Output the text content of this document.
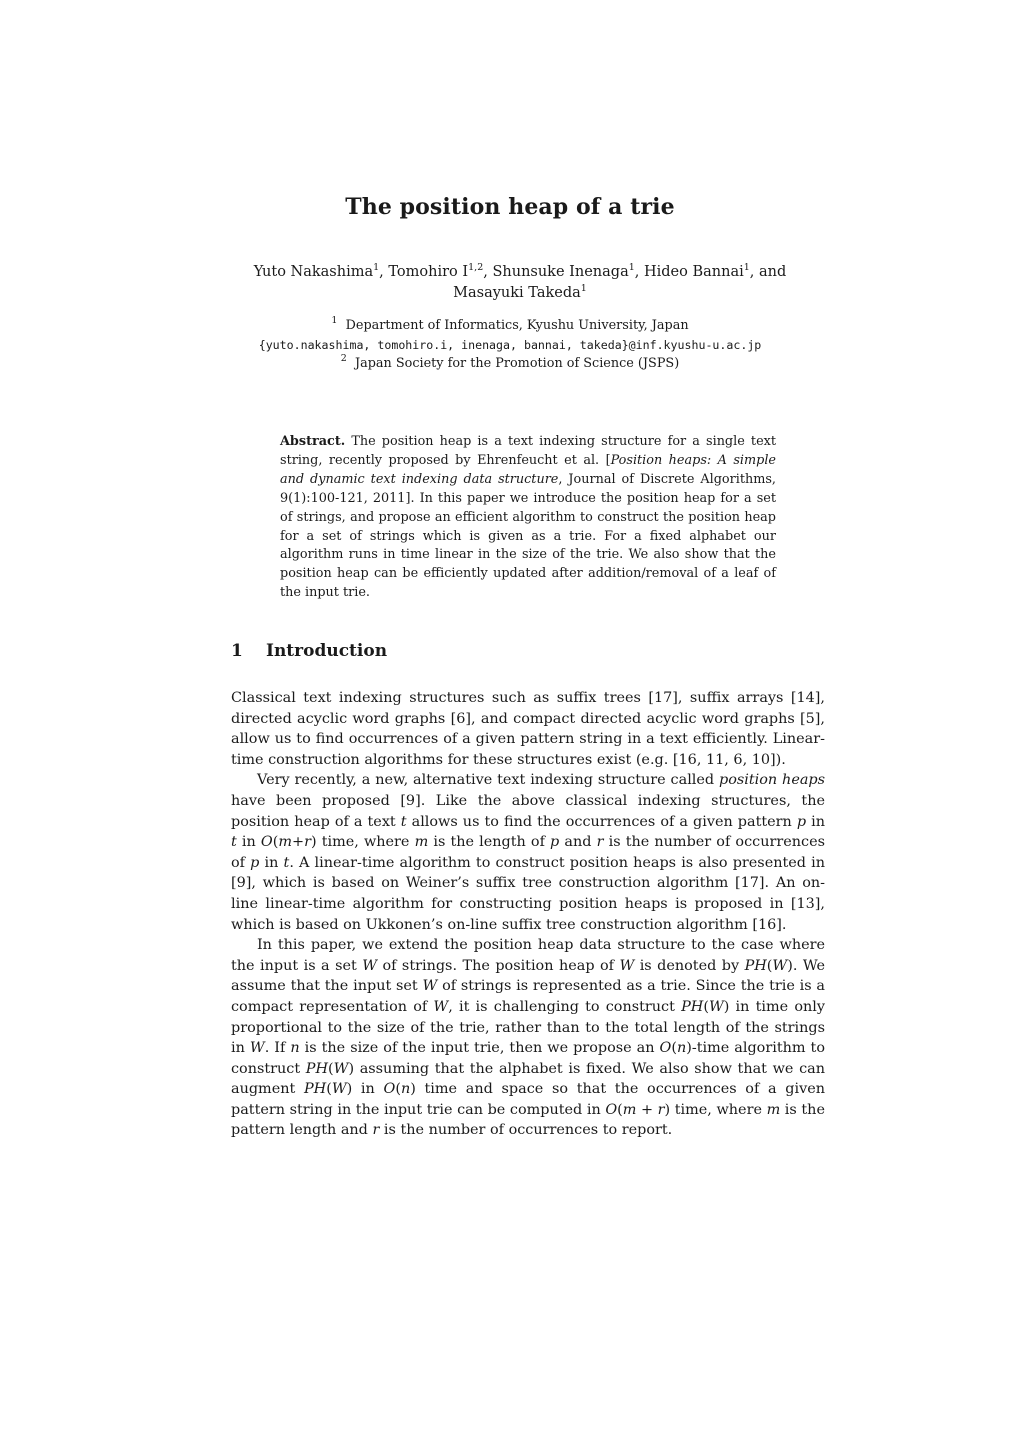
The position heap of a trie
Yuto Nakashima$^1$, Tomohiro I$^{1,2}$, Shunsuke Inenaga$^1$, Hideo Bannai$^1$, and
Masayuki Takeda$^1$
$^1$ Department of Informatics, Kyushu University, Japan
{yuto.nakashima, tomohiro.i, inenaga, bannai, takeda}@inf.kyushu-u.ac.jp
$^2$ Japan Society for the Promotion of Science (JSPS)
Abstract. The position heap is a text indexing structure for a single text string, recently proposed by Ehrenfeucht et al. [Position heaps: A simple and dynamic text indexing data structure, Journal of Discrete Algorithms, 9(1):100-121, 2011]. In this paper we introduce the position heap for a set of strings, and propose an efficient algorithm to construct the position heap for a set of strings which is given as a trie. For a fixed alphabet our algorithm runs in time linear in the size of the trie. We also show that the position heap can be efficiently updated after addition/removal of a leaf of the input trie.
1 Introduction

Classical text indexing structures such as suffix trees [17], suffix arrays [14], directed acyclic word graphs [6], and compact directed acyclic word graphs [5], allow us to find occurrences of a given pattern string in a text efficiently. Linear-time construction algorithms for these structures exist (e.g. [16, 11, 6, 10]).

Very recently, a new, alternative text indexing structure called position heaps have been proposed [9]. Like the above classical indexing structures, the position heap of a text t allows us to find the occurrences of a given pattern p in t in O(m+r) time, where m is the length of p and r is the number of occurrences of p in t. A linear-time algorithm to construct position heaps is also presented in [9], which is based on Weiner’s suffix tree construction algorithm [17]. An on-line linear-time algorithm for constructing position heaps is proposed in [13], which is based on Ukkonen’s on-line suffix tree construction algorithm [16].

In this paper, we extend the position heap data structure to the case where the input is a set W of strings. The position heap of W is denoted by PH(W). We assume that the input set W of strings is represented as a trie. Since the trie is a compact representation of W, it is challenging to construct PH(W) in time only proportional to the size of the trie, rather than to the total length of the strings in W. If n is the size of the input trie, then we propose an O(n)-time algorithm to construct PH(W) assuming that the alphabet is fixed. We also show that we can augment PH(W) in O(n) time and space so that the occurrences of a given pattern string in the input trie can be computed in O(m + r) time, where m is the pattern length and r is the number of occurrences to report.
